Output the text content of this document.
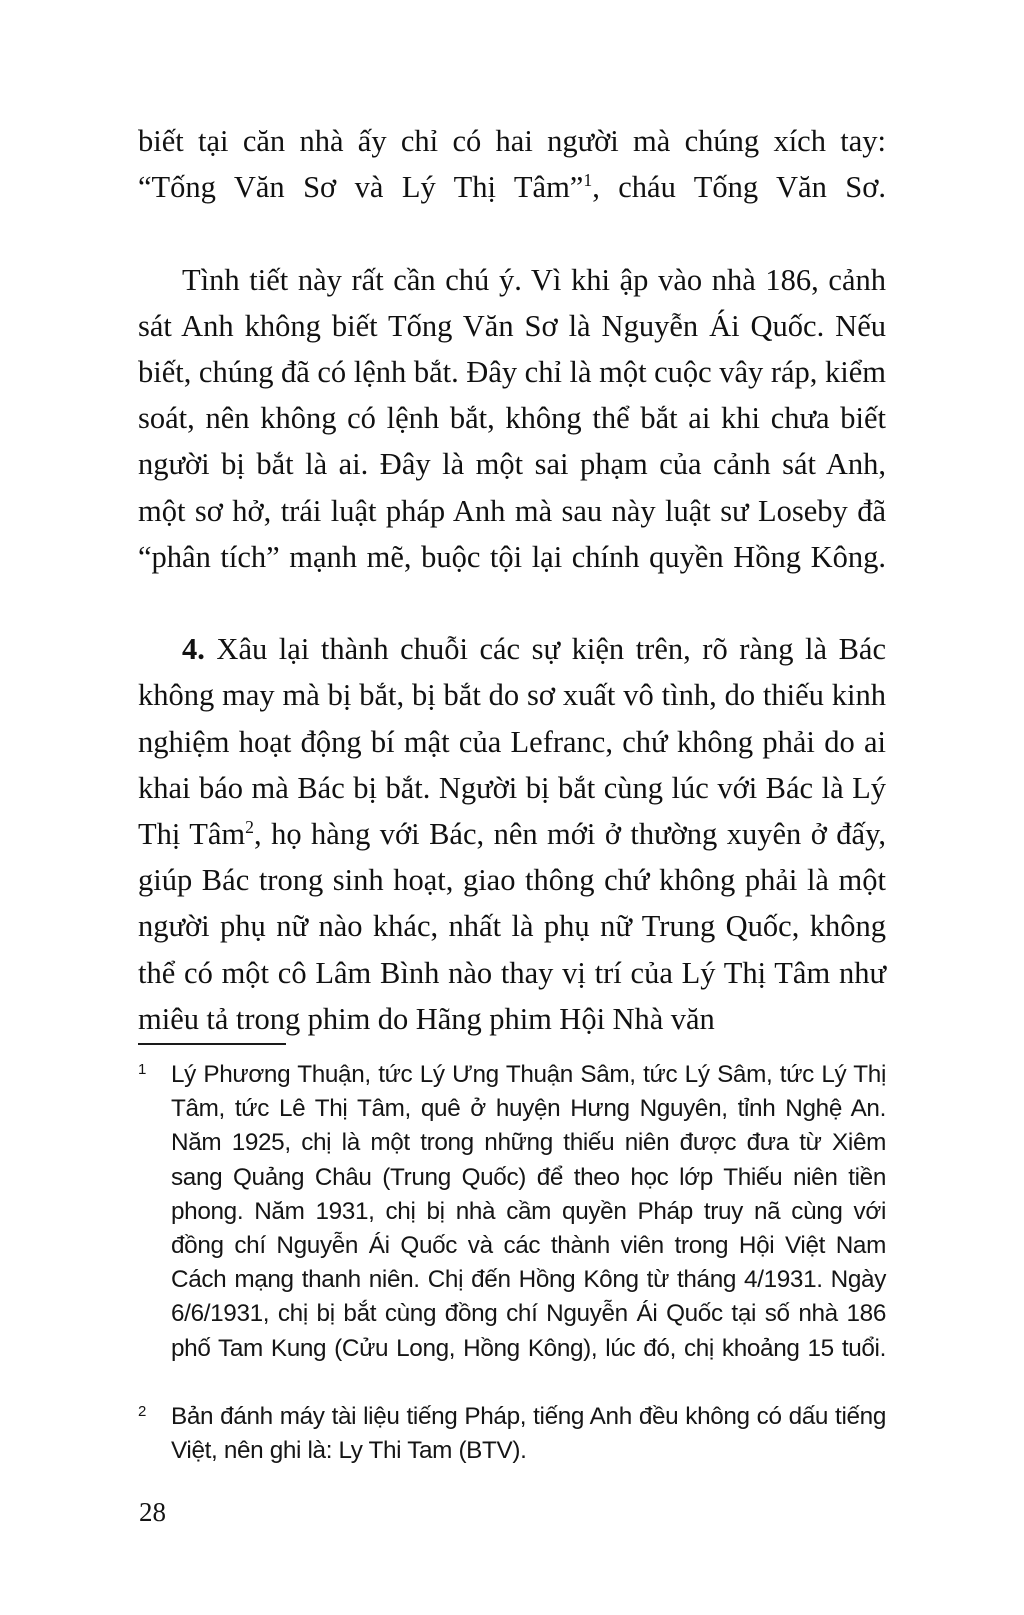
biết tại căn nhà ấy chỉ có hai người mà chúng xích tay: “Tống Văn Sơ và Lý Thị Tâm”$^1$, cháu Tống Văn Sơ.

Tình tiết này rất cần chú ý. Vì khi ập vào nhà 186, cảnh sát Anh không biết Tống Văn Sơ là Nguyễn Ái Quốc. Nếu biết, chúng đã có lệnh bắt. Đây chỉ là một cuộc vây ráp, kiểm soát, nên không có lệnh bắt, không thể bắt ai khi chưa biết người bị bắt là ai. Đây là một sai phạm của cảnh sát Anh, một sơ hở, trái luật pháp Anh mà sau này luật sư Loseby đã “phân tích” mạnh mẽ, buộc tội lại chính quyền Hồng Kông.

4. Xâu lại thành chuỗi các sự kiện trên, rõ ràng là Bác không may mà bị bắt, bị bắt do sơ xuất vô tình, do thiếu kinh nghiệm hoạt động bí mật của Lefranc, chứ không phải do ai khai báo mà Bác bị bắt. Người bị bắt cùng lúc với Bác là Lý Thị Tâm$^2$, họ hàng với Bác, nên mới ở thường xuyên ở đấy, giúp Bác trong sinh hoạt, giao thông chứ không phải là một người phụ nữ nào khác, nhất là phụ nữ Trung Quốc, không thể có một cô Lâm Bình nào thay vị trí của Lý Thị Tâm như miêu tả trong phim do Hãng phim Hội Nhà văn

1 Lý Phương Thuận, tức Lý Ưng Thuận Sâm, tức Lý Sâm, tức Lý Thị Tâm, tức Lê Thị Tâm, quê ở huyện Hưng Nguyên, tỉnh Nghệ An. Năm 1925, chị là một trong những thiếu niên được đưa từ Xiêm sang Quảng Châu (Trung Quốc) để theo học lớp Thiếu niên tiền phong. Năm 1931, chị bị nhà cầm quyền Pháp truy nã cùng với đồng chí Nguyễn Ái Quốc và các thành viên trong Hội Việt Nam Cách mạng thanh niên. Chị đến Hồng Kông từ tháng 4/1931. Ngày 6/6/1931, chị bị bắt cùng đồng chí Nguyễn Ái Quốc tại số nhà 186 phố Tam Kung (Cửu Long, Hồng Kông), lúc đó, chị khoảng 15 tuổi.

2 Bản đánh máy tài liệu tiếng Pháp, tiếng Anh đều không có dấu tiếng Việt, nên ghi là: Ly Thi Tam (BTV).

28
